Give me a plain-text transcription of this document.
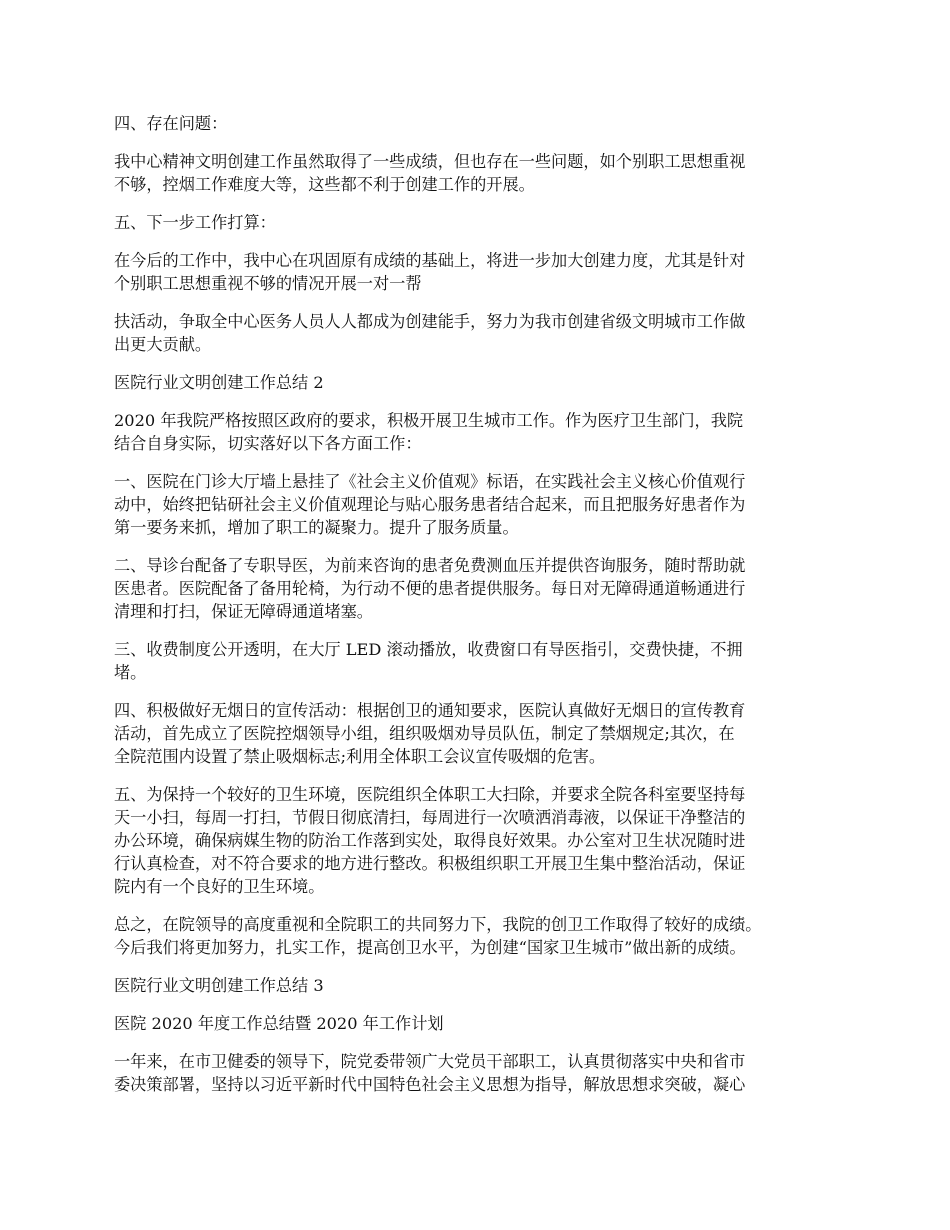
四、存在问题：

我中心精神文明创建工作虽然取得了一些成绩，但也存在一些问题，如个别职工思想重视
不够，控烟工作难度大等，这些都不利于创建工作的开展。

五、下一步工作打算：

在今后的工作中，我中心在巩固原有成绩的基础上，将进一步加大创建力度，尤其是针对
个别职工思想重视不够的情况开展一对一帮

扶活动，争取全中心医务人员人人都成为创建能手，努力为我市创建省级文明城市工作做
出更大贡献。

医院行业文明创建工作总结 2

2020 年我院严格按照区政府的要求，积极开展卫生城市工作。作为医疗卫生部门，我院
结合自身实际，切实落好以下各方面工作：

一、医院在门诊大厅墙上悬挂了《社会主义价值观》标语，在实践社会主义核心价值观行
动中，始终把钻研社会主义价值观理论与贴心服务患者结合起来，而且把服务好患者作为
第一要务来抓，增加了职工的凝聚力。提升了服务质量。

二、导诊台配备了专职导医，为前来咨询的患者免费测血压并提供咨询服务，随时帮助就
医患者。医院配备了备用轮椅，为行动不便的患者提供服务。每日对无障碍通道畅通进行
清理和打扫，保证无障碍通道堵塞。

三、收费制度公开透明，在大厅 LED 滚动播放，收费窗口有导医指引，交费快捷，不拥
堵。

四、积极做好无烟日的宣传活动：根据创卫的通知要求，医院认真做好无烟日的宣传教育
活动，首先成立了医院控烟领导小组，组织吸烟劝导员队伍，制定了禁烟规定;其次，在
全院范围内设置了禁止吸烟标志;利用全体职工会议宣传吸烟的危害。

五、为保持一个较好的卫生环境，医院组织全体职工大扫除，并要求全院各科室要坚持每
天一小扫，每周一打扫，节假日彻底清扫，每周进行一次喷洒消毒液，以保证干净整洁的
办公环境，确保病媒生物的防治工作落到实处，取得良好效果。办公室对卫生状况随时进
行认真检查，对不符合要求的地方进行整改。积极组织职工开展卫生集中整治活动，保证
院内有一个良好的卫生环境。

总之，在院领导的高度重视和全院职工的共同努力下，我院的创卫工作取得了较好的成绩。
今后我们将更加努力，扎实工作，提高创卫水平，为创建“国家卫生城市”做出新的成绩。

医院行业文明创建工作总结 3

医院 2020 年度工作总结暨 2020 年工作计划

一年来，在市卫健委的领导下，院党委带领广大党员干部职工，认真贯彻落实中央和省市
委决策部署，坚持以习近平新时代中国特色社会主义思想为指导，解放思想求突破，凝心
